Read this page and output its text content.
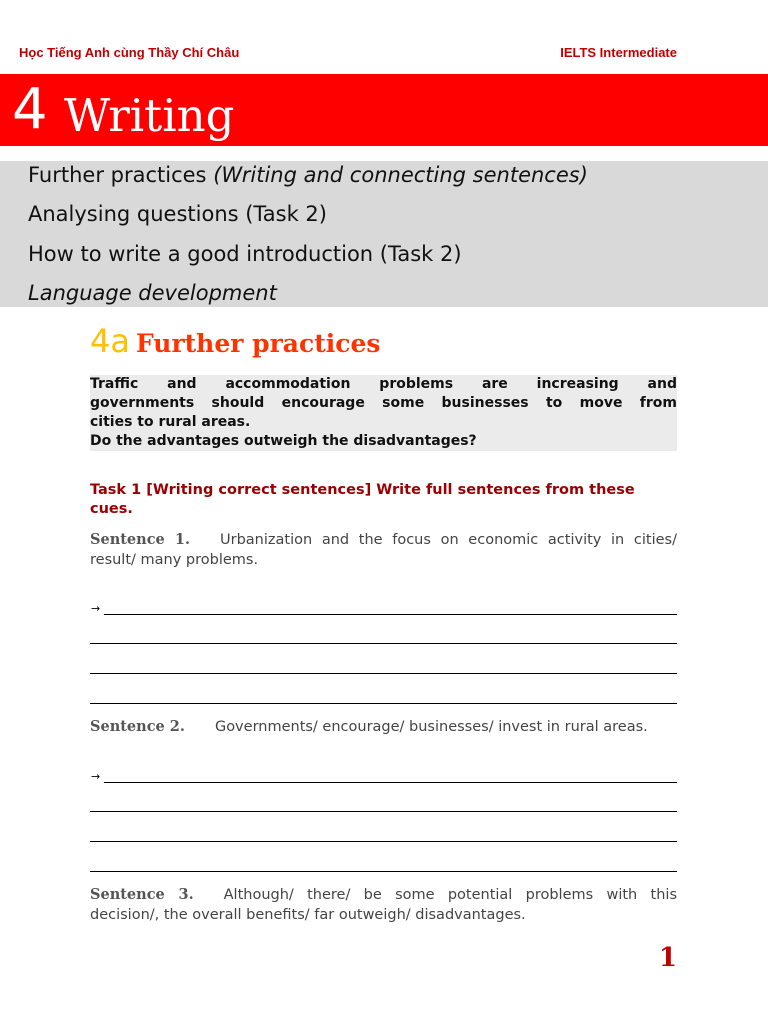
Học Tiếng Anh cùng Thầy Chí Châu	IELTS Intermediate
4 Writing
Further practices (Writing and connecting sentences)
Analysing questions (Task 2)
How to write a good introduction (Task 2)
Language development
4a Further practices
Traffic and accommodation problems are increasing and
governments should encourage some businesses to move from
cities to rural areas.
Do the advantages outweigh the disadvantages?
Task 1 [Writing correct sentences] Write full sentences from these cues.
Sentence 1. Urbanization and the focus on economic activity in cities/ result/ many problems.
→
Sentence 2. Governments/ encourage/ businesses/ invest in rural areas.
→
Sentence 3. Although/ there/ be some potential problems with this decision/, the overall benefits/ far outweigh/ disadvantages.
1
